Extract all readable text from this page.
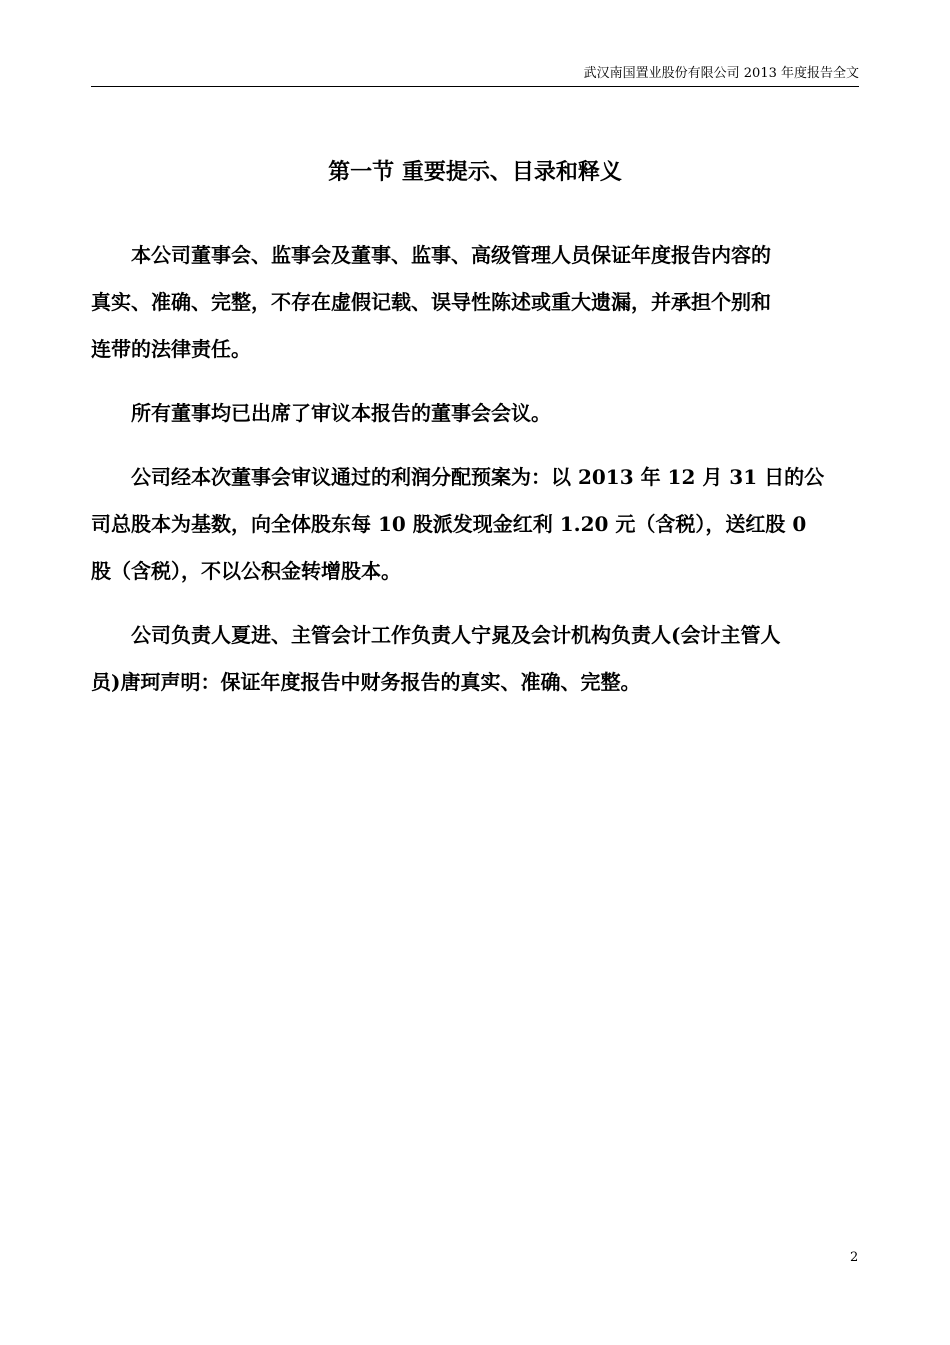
武汉南国置业股份有限公司 2013 年度报告全文
第一节 重要提示、目录和释义

　　本公司董事会、监事会及董事、监事、高级管理人员保证年度报告内容的

真实、准确、完整，不存在虚假记载、误导性陈述或重大遗漏，并承担个别和

连带的法律责任。

　　所有董事均已出席了审议本报告的董事会会议。

　　公司经本次董事会审议通过的利润分配预案为：以 2013 年 12 月 31 日的公

司总股本为基数，向全体股东每 10 股派发现金红利 1.20 元（含税），送红股 0

股（含税），不以公积金转增股本。

　　公司负责人夏进、主管会计工作负责人宁晁及会计机构负责人(会计主管人

员)唐珂声明：保证年度报告中财务报告的真实、准确、完整。

2
